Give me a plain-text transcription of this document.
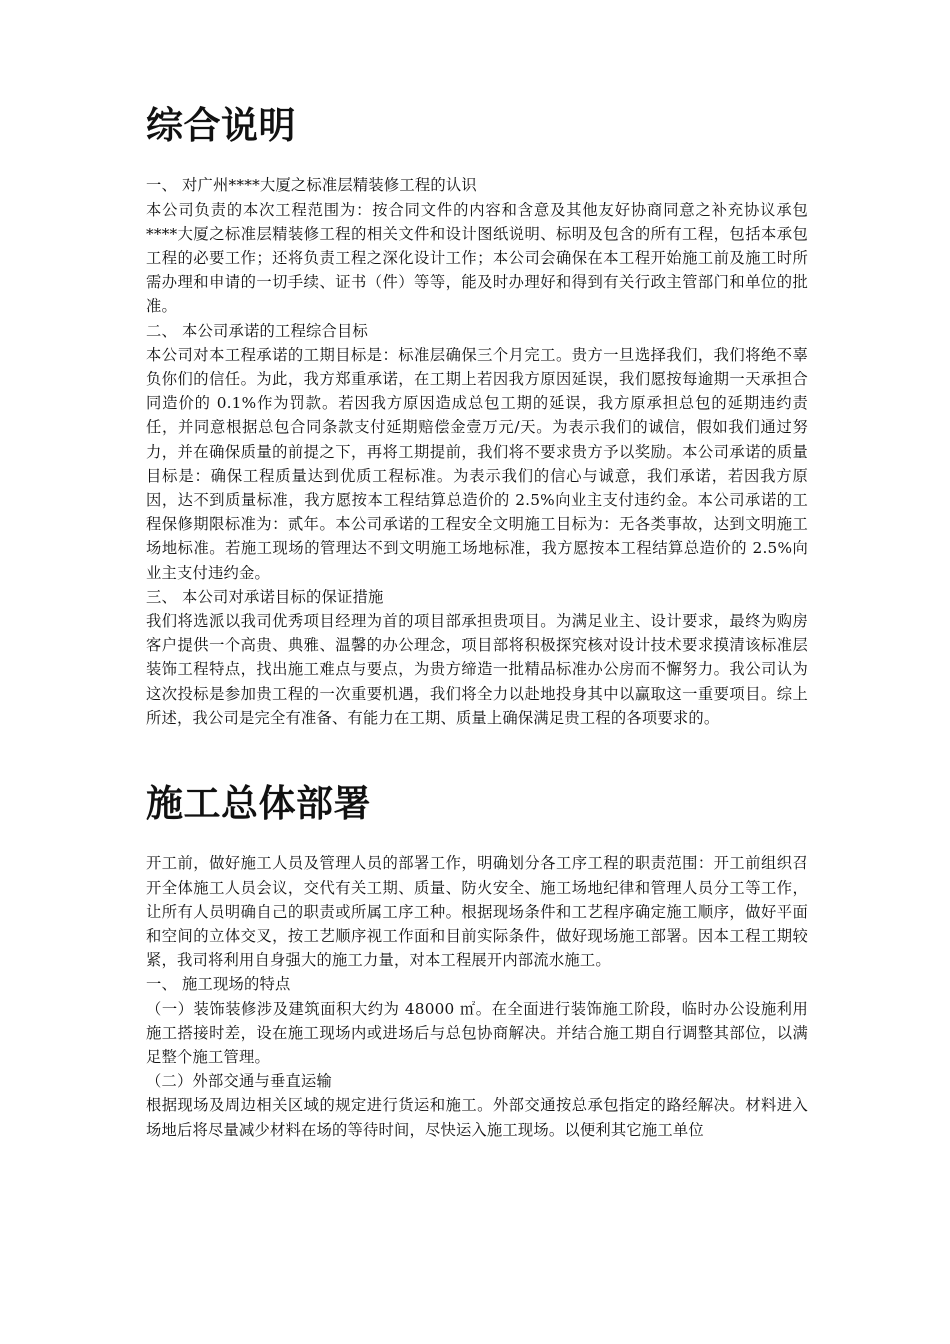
综合说明
一、 对广州****大厦之标准层精装修工程的认识

本公司负责的本次工程范围为：按合同文件的内容和含意及其他友好协商同意之补充协议承包****大厦之标准层精装修工程的相关文件和设计图纸说明、标明及包含的所有工程，包括本承包工程的必要工作；还将负责工程之深化设计工作；本公司会确保在本工程开始施工前及施工时所需办理和申请的一切手续、证书（件）等等，能及时办理好和得到有关行政主管部门和单位的批准。

二、 本公司承诺的工程综合目标

本公司对本工程承诺的工期目标是：标准层确保三个月完工。贵方一旦选择我们，我们将绝不辜负你们的信任。为此，我方郑重承诺，在工期上若因我方原因延误，我们愿按每逾期一天承担合同造价的 0.1%作为罚款。若因我方原因造成总包工期的延误，我方原承担总包的延期违约责任，并同意根据总包合同条款支付延期赔偿金壹万元/天。为表示我们的诚信，假如我们通过努力，并在确保质量的前提之下，再将工期提前，我们将不要求贵方予以奖励。本公司承诺的质量目标是：确保工程质量达到优质工程标准。为表示我们的信心与诚意，我们承诺，若因我方原因，达不到质量标准，我方愿按本工程结算总造价的 2.5%向业主支付违约金。本公司承诺的工程保修期限标准为：贰年。本公司承诺的工程安全文明施工目标为：无各类事故，达到文明施工场地标准。若施工现场的管理达不到文明施工场地标准，我方愿按本工程结算总造价的 2.5%向业主支付违约金。

三、 本公司对承诺目标的保证措施

我们将选派以我司优秀项目经理为首的项目部承担贵项目。为满足业主、设计要求，最终为购房客户提供一个高贵、典雅、温馨的办公理念，项目部将积极探究核对设计技术要求摸清该标准层装饰工程特点，找出施工难点与要点，为贵方缔造一批精品标准办公房而不懈努力。我公司认为这次投标是参加贵工程的一次重要机遇，我们将全力以赴地投身其中以赢取这一重要项目。综上所述，我公司是完全有准备、有能力在工期、质量上确保满足贵工程的各项要求的。

施工总体部署

开工前，做好施工人员及管理人员的部署工作，明确划分各工序工程的职责范围：开工前组织召开全体施工人员会议，交代有关工期、质量、防火安全、施工场地纪律和管理人员分工等工作，让所有人员明确自己的职责或所属工序工种。根据现场条件和工艺程序确定施工顺序，做好平面和空间的立体交叉，按工艺顺序视工作面和目前实际条件，做好现场施工部署。因本工程工期较紧，我司将利用自身强大的施工力量，对本工程展开内部流水施工。

一、 施工现场的特点

（一）装饰装修涉及建筑面积大约为 48000 ㎡。在全面进行装饰施工阶段，临时办公设施利用施工搭接时差，设在施工现场内或进场后与总包协商解决。并结合施工期自行调整其部位，以满足整个施工管理。

（二）外部交通与垂直运输

根据现场及周边相关区域的规定进行货运和施工。外部交通按总承包指定的路经解决。材料进入场地后将尽量减少材料在场的等待时间，尽快运入施工现场。以便利其它施工单位
